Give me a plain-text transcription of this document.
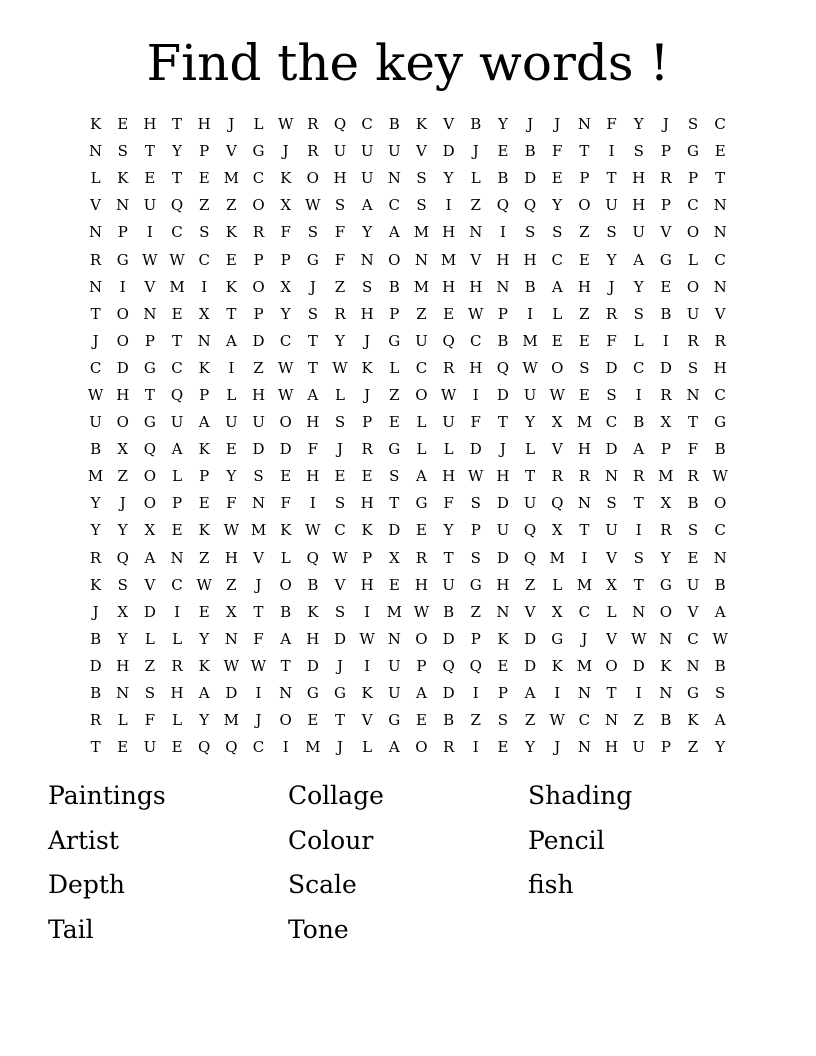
Find the key words !
K	E	H	T	H	J	L W R	Q	C	B	K	V	B	Y	J	J	N	F	Y	J	S	C
N	S	T	Y	P	V	G	J	R	U U U	V	D	J	E	B	F	T	I	S	P	G	E
L	K	E	T	E M C	K	O H U N	S	Y	L	B	D	E	P	T	H R	P	T
V	N U Q	Z	Z	O	X W S	A	C	S	I	Z	Q Q	Y	O U H	P	C N
N	P	I	C	S	K	R	F	S	F	Y	A M H N	I	S	S	Z	S	U	V	O N
R	G W W C	E	P	P	G	F	N O N M V	H H C	E	Y	A	G	L	C
N	I	V M	I	K	O	X	J	Z	S	B M H H N	B	A	H	J	Y	E	O N
T	O N	E	X	T	P	Y	S	R H	P	Z	E W P	I	L	Z	R	S	B	U	V
J	O	P	T	N	A	D	C	T	Y	J	G U Q	C	B M E	E	F	L	I	R	R
C	D	G	C	K	I	Z W T W K	L	C	R H Q W O	S	D	C	D	S	H
W H	T	Q	P	L	H W A	L	J	Z	O W	I	D U W E	S	I	R N C
U O	G U	A	U U O H	S	P	E	L	U	F	T	Y	X M C	B	X	T	G
B	X	Q	A	K	E	D	D	F	J	R	G	L	L	D	J	L	V	H D	A	P	F	B
M Z	O	L	P	Y	S	E	H	E	E	S	A	H W H	T	R	R N R M R W
Y	J	O	P	E	F	N	F	I	S	H	T	G	F	S	D U Q N	S	T	X	B	O
Y	Y	X	E	K W M K W C	K	D	E	Y	P	U Q	X	T	U	I	R	S	C
R	Q	A	N	Z	H	V	L	Q W P	X	R	T	S	D Q M	I	V	S	Y	E	N
K	S	V	C W Z	J	O	B	V	H	E	H U G H	Z	L M X	T	G U	B
J	X	D	I	E	X	T	B	K	S	I	M W B	Z	N	V	X	C	L	N O	V	A
B	Y	L	L	Y	N	F	A	H D W N O D	P	K	D	G	J	V W N C W
D H	Z	R	K W W T	D	J	I	U	P	Q Q	E	D	K M O D	K N	B
B	N	S	H	A	D	I	N G	G	K	U	A	D	I	P	A	I	N	T	I	N G	S
R	L	F	L	Y M	J	O	E	T	V	G	E	B	Z	S	Z W C N	Z	B	K	A
T	E	U	E	Q Q	C	I	M	J	L	A	O	R	I	E	Y	J	N H U	P	Z	Y
Paintings	Collage	Shading
Artist	Colour	Pencil
Depth	Scale	fish
Tail	Tone
